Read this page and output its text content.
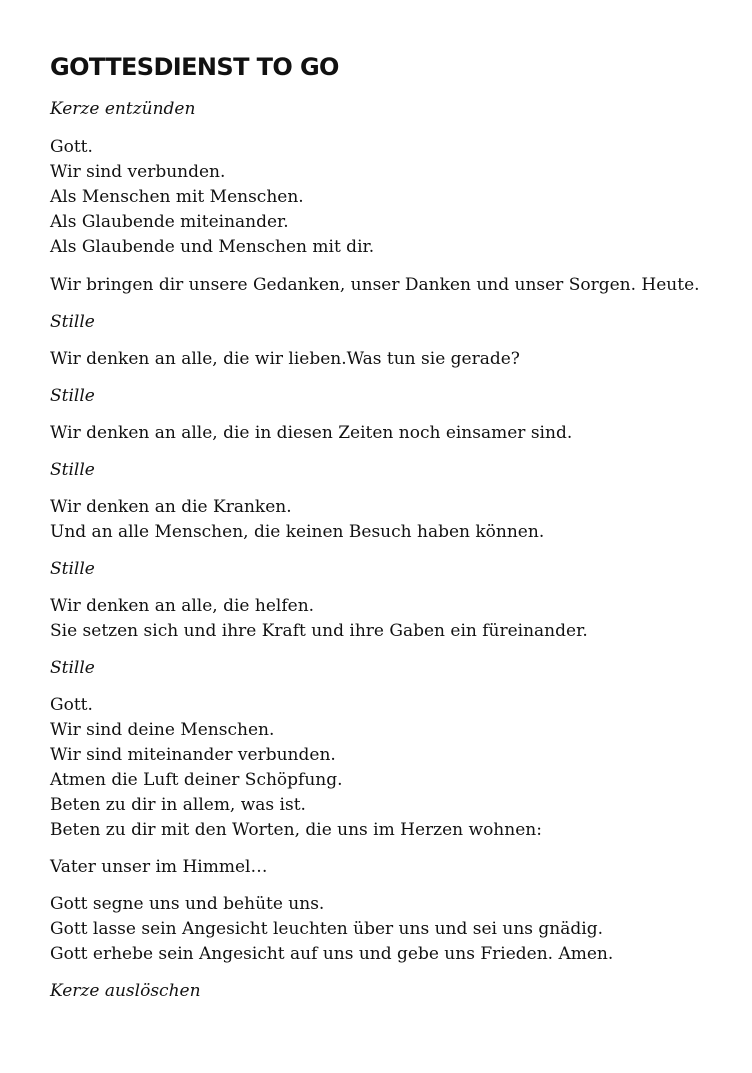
GOTTESDIENST TO GO
Kerze entzünden
Gott.
Wir sind verbunden.
Als Menschen mit Menschen.
Als Glaubende miteinander.
Als Glaubende und Menschen mit dir.
Wir bringen dir unsere Gedanken, unser Danken und unser Sorgen. Heute.
Stille
Wir denken an alle, die wir lieben.Was tun sie gerade?
Stille
Wir denken an alle, die in diesen Zeiten noch einsamer sind.
Stille
Wir denken an die Kranken.
Und an alle Menschen, die keinen Besuch haben können.
Stille
Wir denken an alle, die helfen.
Sie setzen sich und ihre Kraft und ihre Gaben ein füreinander.
Stille
Gott.
Wir sind deine Menschen.
Wir sind miteinander verbunden.
Atmen die Luft deiner Schöpfung.
Beten zu dir in allem, was ist.
Beten zu dir mit den Worten, die uns im Herzen wohnen:
Vater unser im Himmel…
Gott segne uns und behüte uns.
Gott lasse sein Angesicht leuchten über uns und sei uns gnädig.
Gott erhebe sein Angesicht auf uns und gebe uns Frieden. Amen.
Kerze auslöschen
